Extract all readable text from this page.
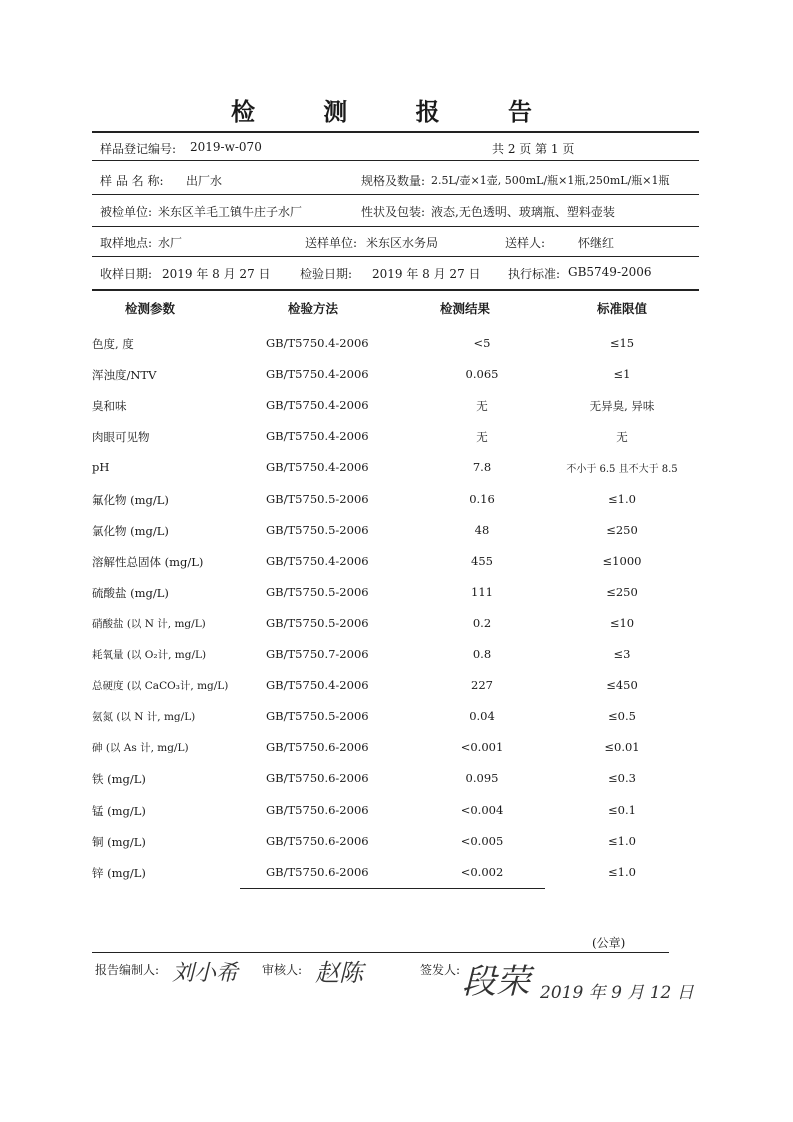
检 测 报 告
样品登记编号: 2019-w-070	共 2 页 第 1 页
样 品 名 称: 出厂水	规格及数量: 2.5L/壶×1壶, 500mL/瓶×1瓶,250mL/瓶×1瓶
被检单位: 米东区羊毛工镇牛庄子水厂	性状及包装: 液态,无色透明、玻璃瓶、塑料壶装
取样地点: 水厂	送样单位: 米东区水务局	送样人:	怀继红
收样日期: 2019 年 8 月 27 日 检验日期: 2019 年 8 月 27 日 执行标准: GB5749-2006
检测参数	检验方法	检测结果	标准限值
色度, 度	GB/T5750.4-2006	<5	≤15
浑浊度/NTV	GB/T5750.4-2006	0.065	≤1
臭和味	GB/T5750.4-2006	无	无异臭, 异味
肉眼可见物	GB/T5750.4-2006	无	无
pH	GB/T5750.4-2006	7.8	不小于 6.5 且不大于 8.5
氟化物 (mg/L)	GB/T5750.5-2006	0.16	≤1.0
氯化物 (mg/L)	GB/T5750.5-2006	48	≤250
溶解性总固体 (mg/L)	GB/T5750.4-2006	455	≤1000
硫酸盐 (mg/L)	GB/T5750.5-2006	111	≤250
硝酸盐 (以 N 计, mg/L)	GB/T5750.5-2006	0.2	≤10
耗氧量 (以 O₂计, mg/L)	GB/T5750.7-2006	0.8	≤3
总硬度 (以 CaCO₃计, mg/L)	GB/T5750.4-2006	227	≤450
氨氮 (以 N 计, mg/L)	GB/T5750.5-2006	0.04	≤0.5
砷 (以 As 计, mg/L)	GB/T5750.6-2006	<0.001	≤0.01
铁 (mg/L)	GB/T5750.6-2006	0.095	≤0.3
锰 (mg/L)	GB/T5750.6-2006	<0.004	≤0.1
铜 (mg/L)	GB/T5750.6-2006	<0.005	≤1.0
锌 (mg/L)	GB/T5750.6-2006	<0.002	≤1.0
(公章)
报告编制人: 刘小希 审核人: 赵陈	签发人: 段荣 2019 年 9 月 12 日
